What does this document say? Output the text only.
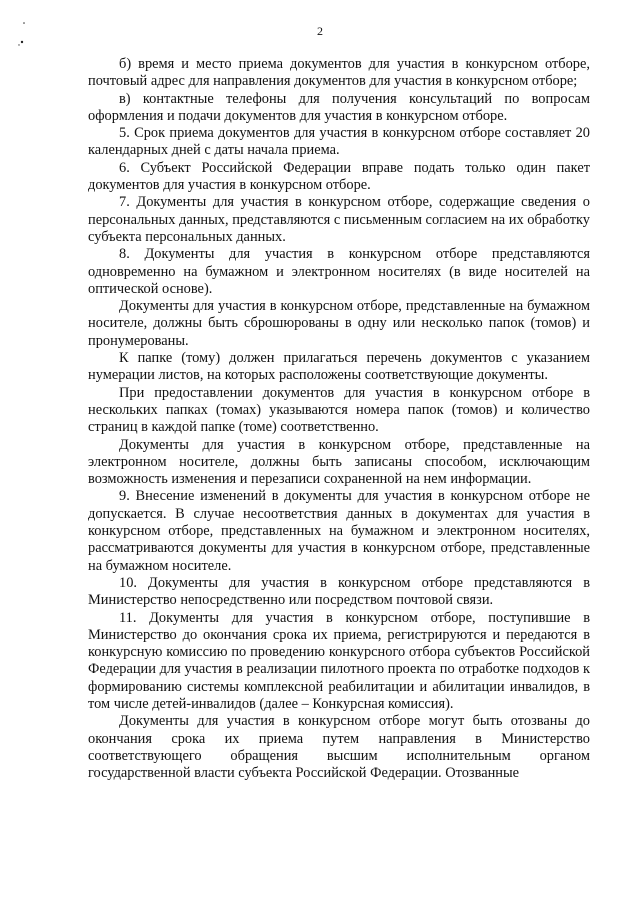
2

б) время и место приема документов для участия в конкурсном отборе, почтовый адрес для направления документов для участия в конкурсном отборе;

в) контактные телефоны для получения консультаций по вопросам оформления и подачи документов для участия в конкурсном отборе.

5. Срок приема документов для участия в конкурсном отборе составляет 20 календарных дней с даты начала приема.

6. Субъект Российской Федерации вправе подать только один пакет документов для участия в конкурсном отборе.

7. Документы для участия в конкурсном отборе, содержащие сведения о персональных данных, представляются с письменным согласием на их обработку субъекта персональных данных.

8. Документы для участия в конкурсном отборе представляются одновременно на бумажном и электронном носителях (в виде носителей на оптической основе).

Документы для участия в конкурсном отборе, представленные на бумажном носителе, должны быть сброшюрованы в одну или несколько папок (томов) и пронумерованы.

К папке (тому) должен прилагаться перечень документов с указанием нумерации листов, на которых расположены соответствующие документы.

При предоставлении документов для участия в конкурсном отборе в нескольких папках (томах) указываются номера папок (томов) и количество страниц в каждой папке (томе) соответственно.

Документы для участия в конкурсном отборе, представленные на электронном носителе, должны быть записаны способом, исключающим возможность изменения и перезаписи сохраненной на нем информации.

9. Внесение изменений в документы для участия в конкурсном отборе не допускается. В случае несоответствия данных в документах для участия в конкурсном отборе, представленных на бумажном и электронном носителях, рассматриваются документы для участия в конкурсном отборе, представленные на бумажном носителе.

10. Документы для участия в конкурсном отборе представляются в Министерство непосредственно или посредством почтовой связи.

11. Документы для участия в конкурсном отборе, поступившие в Министерство до окончания срока их приема, регистрируются и передаются в конкурсную комиссию по проведению конкурсного отбора субъектов Российской Федерации для участия в реализации пилотного проекта по отработке подходов к формированию системы комплексной реабилитации и абилитации инвалидов, в том числе детей-инвалидов (далее – Конкурсная комиссия).

Документы для участия в конкурсном отборе могут быть отозваны до окончания срока их приема путем направления в Министерство соответствующего обращения высшим исполнительным органом государственной власти субъекта Российской Федерации. Отозванные
